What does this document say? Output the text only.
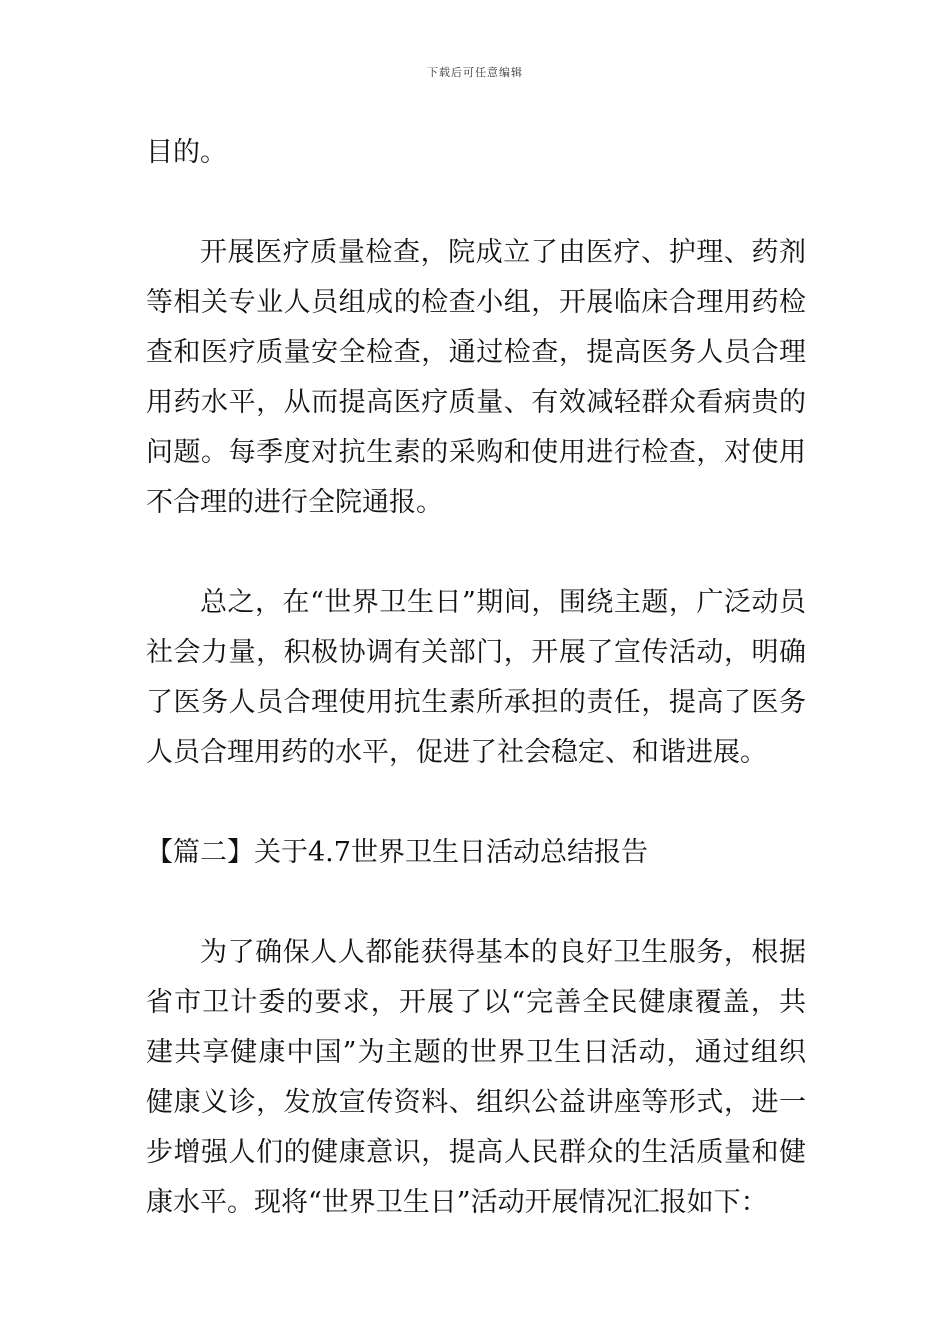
下载后可任意编辑

目的。

开展医疗质量检查，院成立了由医疗、护理、药剂等相关专业人员组成的检查小组，开展临床合理用药检查和医疗质量安全检查，通过检查，提高医务人员合理用药水平，从而提高医疗质量、有效减轻群众看病贵的问题。每季度对抗生素的采购和使用进行检查，对使用不合理的进行全院通报。

总之，在“世界卫生日”期间，围绕主题，广泛动员社会力量，积极协调有关部门，开展了宣传活动，明确了医务人员合理使用抗生素所承担的责任，提高了医务人员合理用药的水平，促进了社会稳定、和谐进展。

【篇二】关于4.7世界卫生日活动总结报告

为了确保人人都能获得基本的良好卫生服务，根据省市卫计委的要求，开展了以“完善全民健康覆盖，共建共享健康中国”为主题的世界卫生日活动，通过组织健康义诊，发放宣传资料、组织公益讲座等形式，进一步增强人们的健康意识，提高人民群众的生活质量和健康水平。现将“世界卫生日”活动开展情况汇报如下：
